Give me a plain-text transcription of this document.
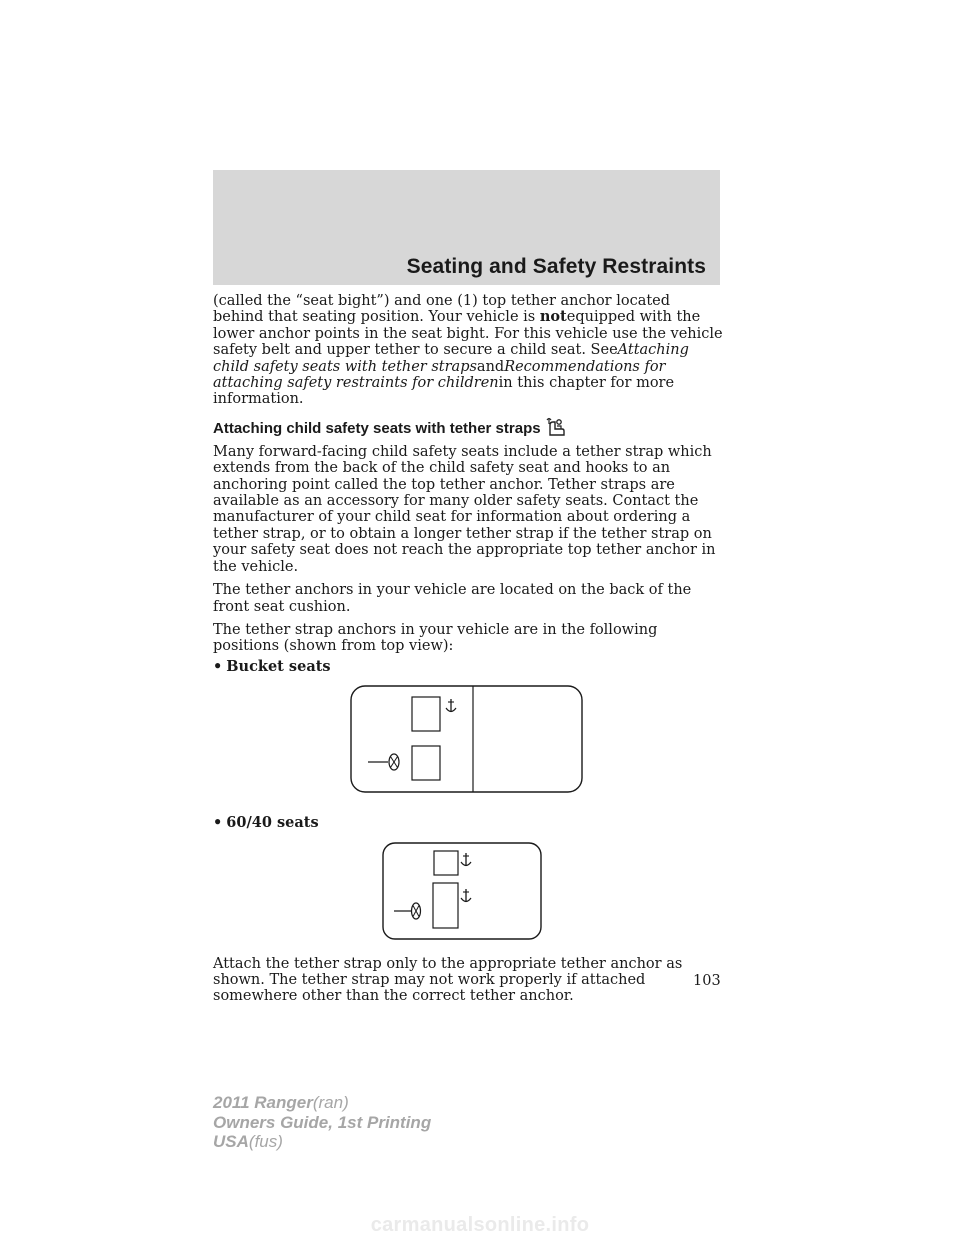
Seating and Safety Restraints

(called the “seat bight”) and one (1) top tether anchor located behind that seating position. Your vehicle is notequipped with the lower anchor points in the seat bight. For this vehicle use the vehicle safety belt and upper tether to secure a child seat. SeeAttaching child safety seats with tether strapsandRecommendations for attaching safety restraints for childrenin this chapter for more information.

Attaching child safety seats with tether straps

Many forward-facing child safety seats include a tether strap which extends from the back of the child safety seat and hooks to an anchoring point called the top tether anchor. Tether straps are available as an accessory for many older safety seats. Contact the manufacturer of your child seat for information about ordering a tether strap, or to obtain a longer tether strap if the tether strap on your safety seat does not reach the appropriate top tether anchor in the vehicle.

The tether anchors in your vehicle are located on the back of the front seat cushion.

The tether strap anchors in your vehicle are in the following positions (shown from top view):

• Bucket seats
• 60/40 seats

Attach the tether strap only to the appropriate tether anchor as shown. The tether strap may not work properly if attached somewhere other than the correct tether anchor.

103

2011 Ranger(ran)
Owners Guide, 1st Printing
USA(fus)
carmanualsonline.info
